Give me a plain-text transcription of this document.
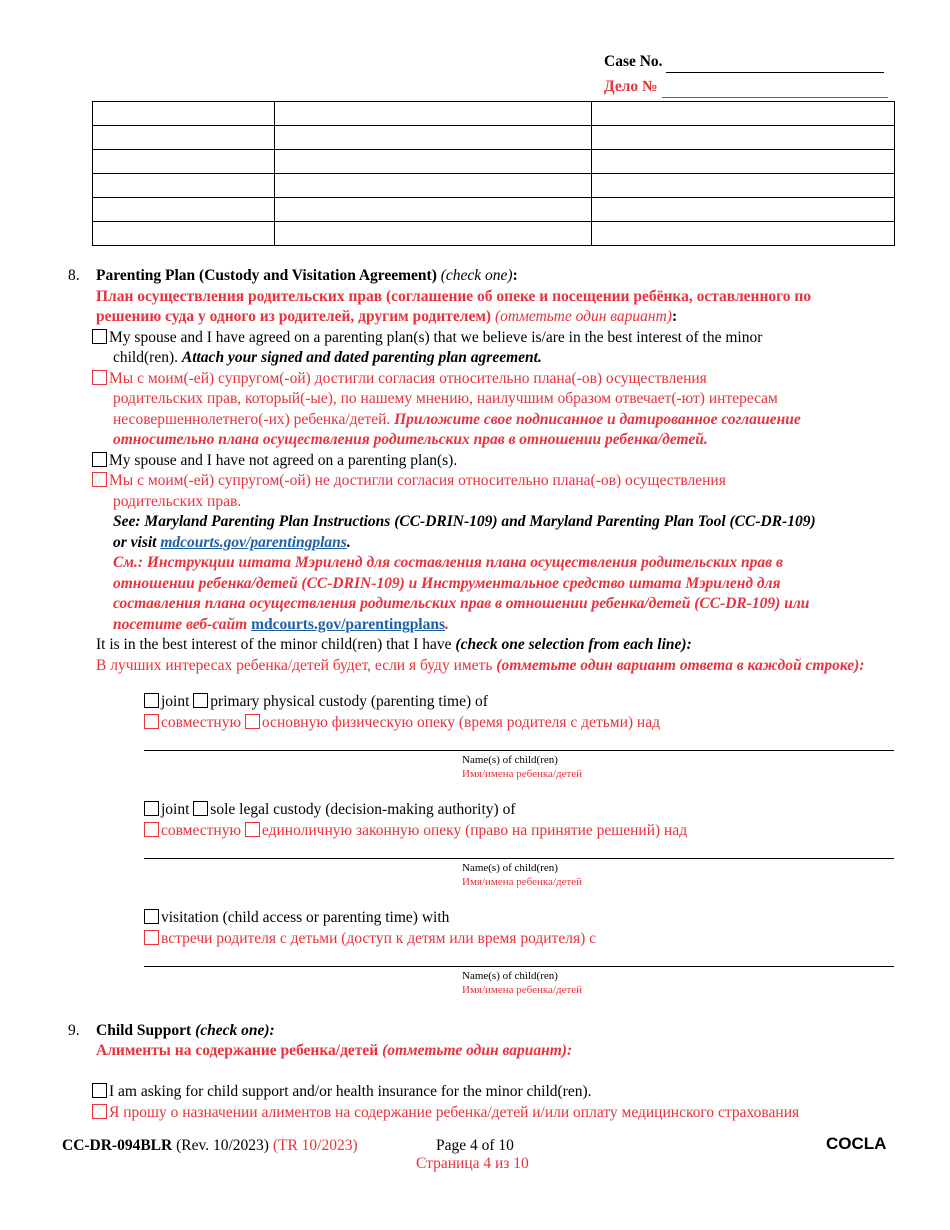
Case No.
Дело №

8. Parenting Plan (Custody and Visitation Agreement) (check one):
План осуществления родительских прав (соглашение об опеке и посещении ребёнка, оставленного по
решению суда у одного из родителей, другим родителем) (отметьте один вариант):
My spouse and I have agreed on a parenting plan(s) that we believe is/are in the best interest of the minor
child(ren). Attach your signed and dated parenting plan agreement.
Мы с моим(-ей) супругом(-ой) достигли согласия относительно плана(-ов) осуществления
родительских прав, который(-ые), по нашему мнению, наилучшим образом отвечает(-ют) интересам
несовершеннолетнего(-их) ребенка/детей. Приложите свое подписанное и датированное соглашение
относительно плана осуществления родительских прав в отношении ребенка/детей.
My spouse and I have not agreed on a parenting plan(s).
Мы с моим(-ей) супругом(-ой) не достигли согласия относительно плана(-ов) осуществления
родительских прав.
See: Maryland Parenting Plan Instructions (CC-DRIN-109) and Maryland Parenting Plan Tool (CC-DR-109)
or visit mdcourts.gov/parentingplans.
См.: Инструкции штата Мэриленд для составления плана осуществления родительских прав в
отношении ребенка/детей (CC-DRIN-109) и Инструментальное средство штата Мэриленд для
составления плана осуществления родительских прав в отношении ребенка/детей (CC-DR-109) или
посетите веб-сайт mdcourts.gov/parentingplans.
It is in the best interest of the minor child(ren) that I have (check one selection from each line):
В лучших интересах ребенка/детей будет, если я буду иметь (отметьте один вариант ответа в каждой строке):
joint primary physical custody (parenting time) of
совместную основную физическую опеку (время родителя с детьми) над
Name(s) of child(ren)
Имя/имена ребенка/детей
joint sole legal custody (decision-making authority) of
совместную единоличную законную опеку (право на принятие решений) над
Name(s) of child(ren)
Имя/имена ребенка/детей
visitation (child access or parenting time) with
встречи родителя с детьми (доступ к детям или время родителя) с
Name(s) of child(ren)
Имя/имена ребенка/детей
9. Child Support (check one):
Алименты на содержание ребенка/детей (отметьте один вариант):
I am asking for child support and/or health insurance for the minor child(ren).
Я прошу о назначении алиментов на содержание ребенка/детей и/или оплату медицинского страхования
CC-DR-094BLR (Rev. 10/2023) (TR 10/2023)	Page 4 of 10
Страница 4 из 10
COCLA
